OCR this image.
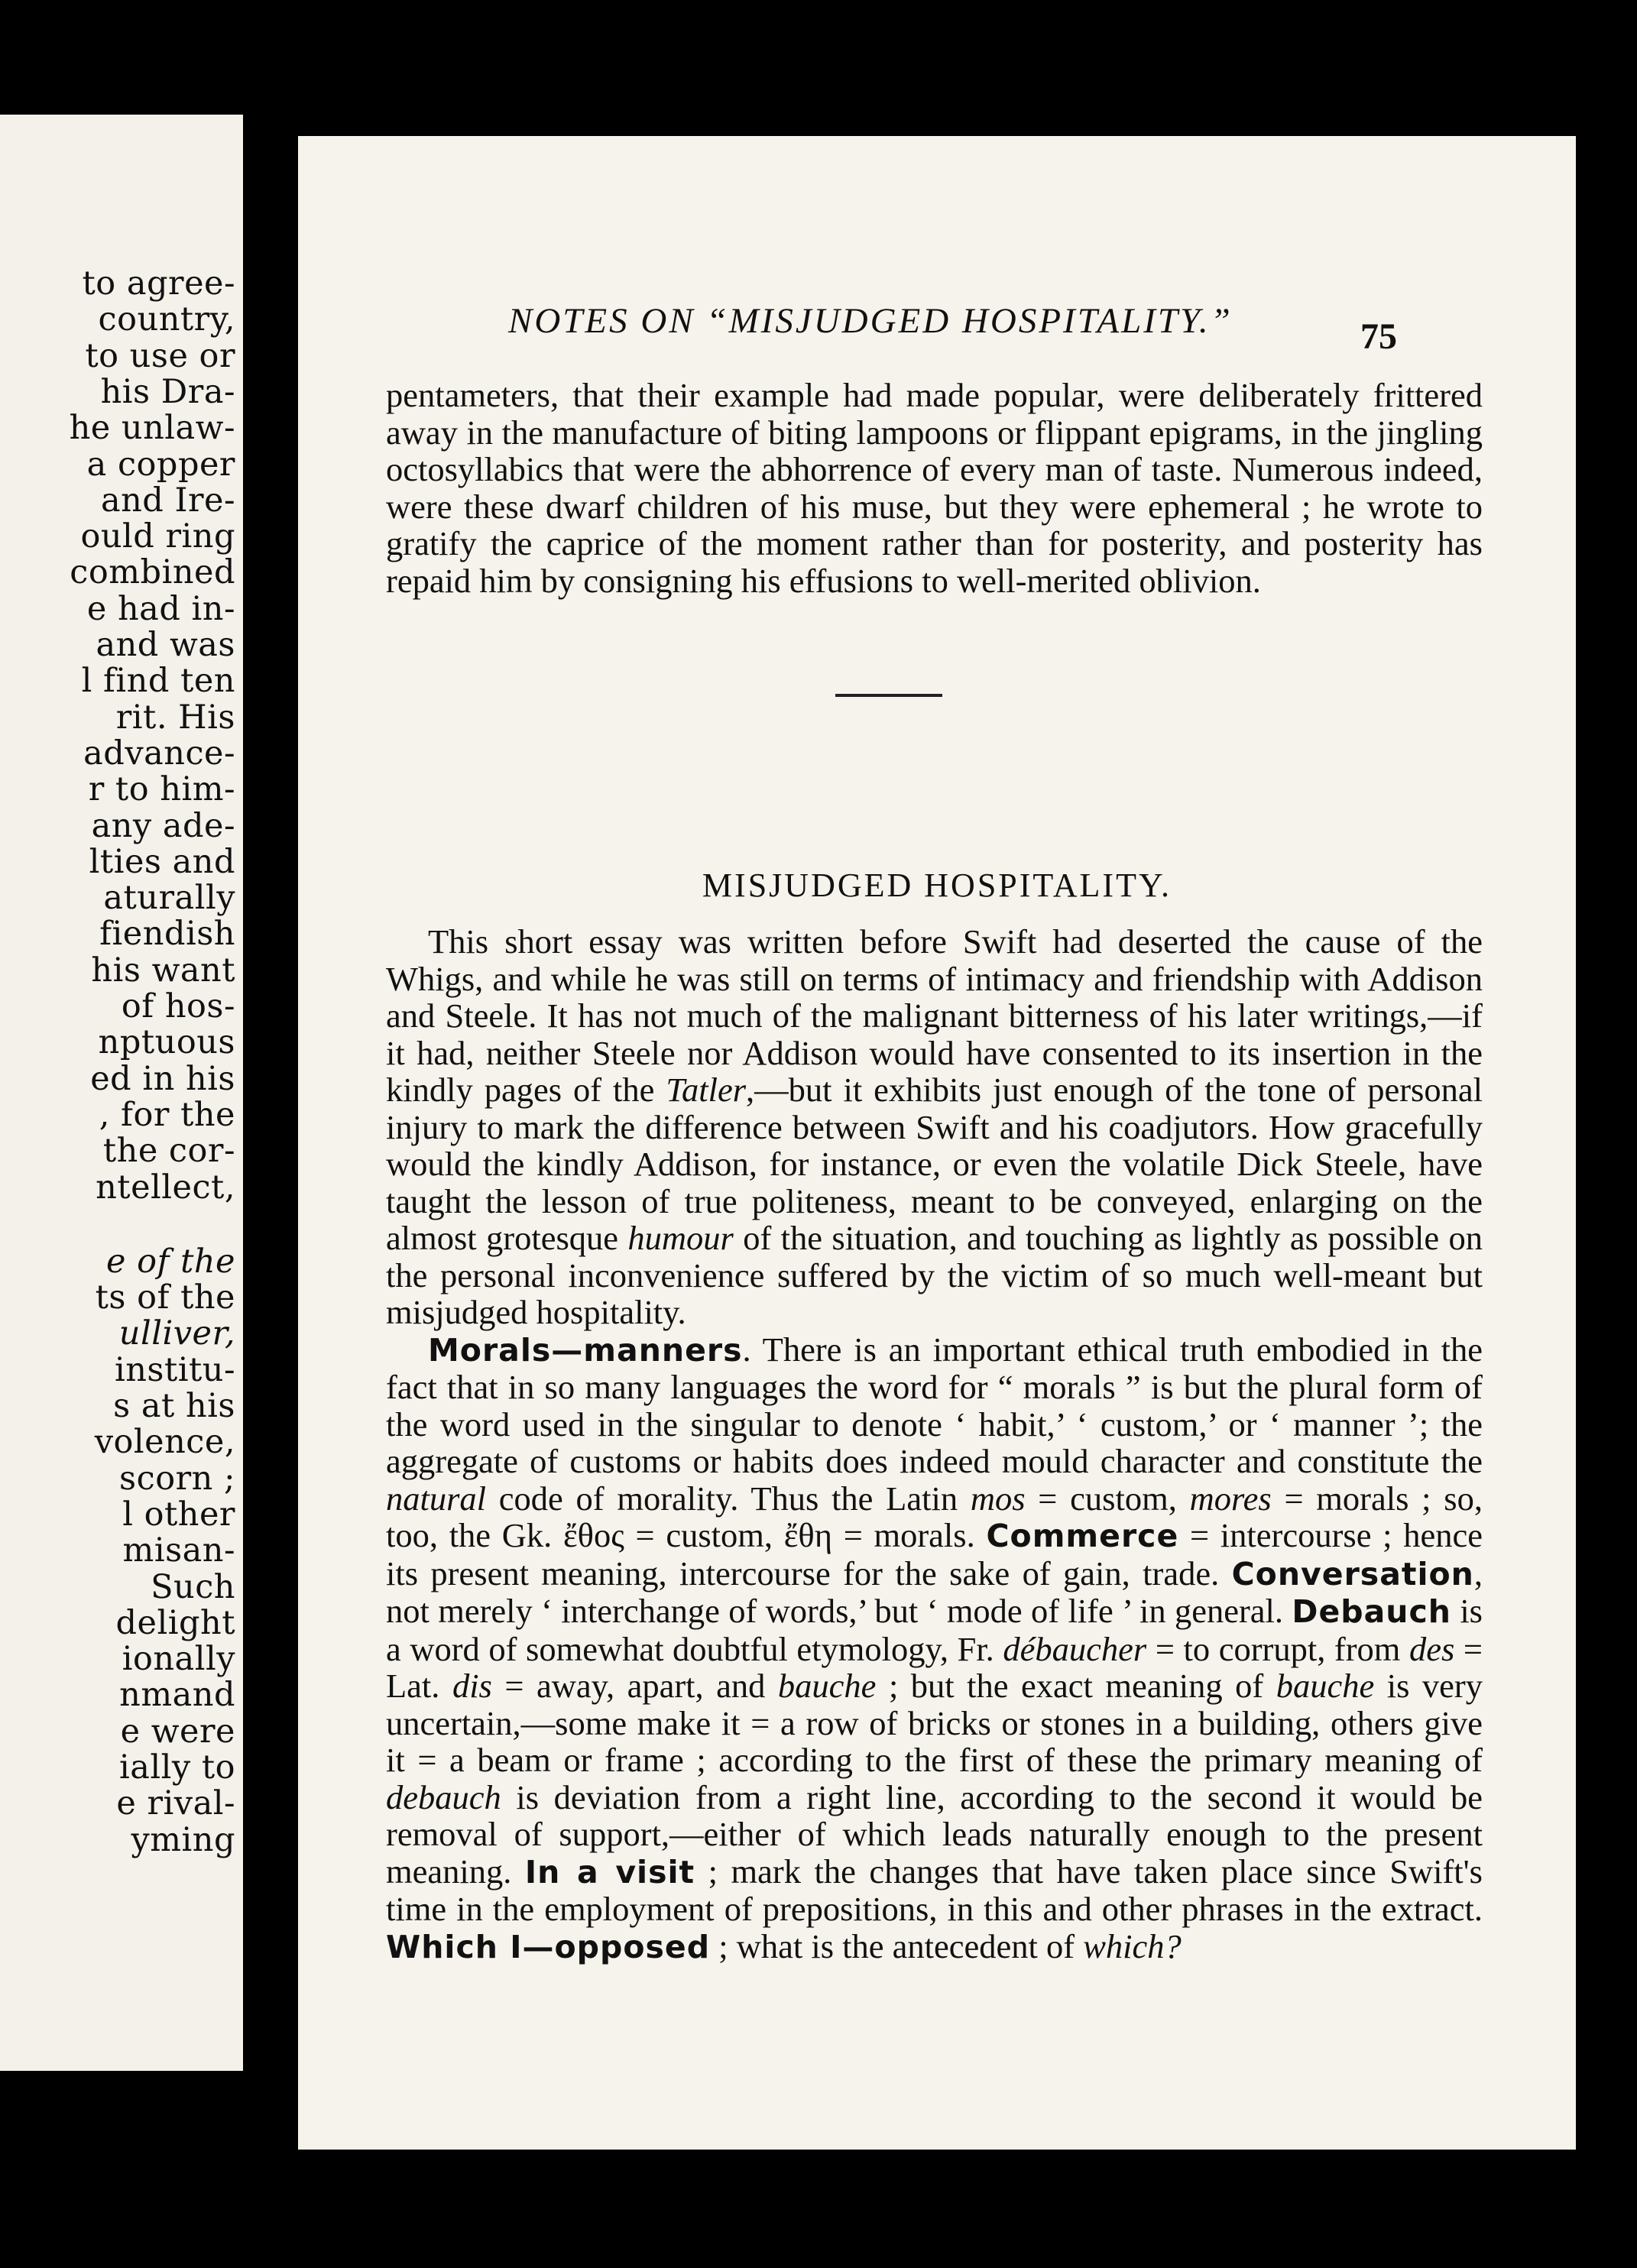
to agree-
country,
to use or
his Dra-
he unlaw-
a copper
and Ire-
ould ring
combined
e had in-
and was
l find ten
rit. His
advance-
r to him-
any ade-
lties and
aturally
fiendish
his want
of hos-
nptuous
ed in his
, for the
the cor-
ntellect,
e of the
ts of the
ulliver,
institu-
s at his
volence,
scorn ;
l other
misan-
Such
delight
ionally
nmand
e were
ially to
e rival-
yming
NOTES ON “MISJUDGED HOSPITALITY.”	75

pentameters, that their example had made popular, were deliberately frittered away in the manufacture of biting lampoons or flippant epigrams, in the jingling octosyllabics that were the abhorrence of every man of taste. Numerous indeed, were these dwarf children of his muse, but they were ephemeral ; he wrote to gratify the caprice of the moment rather than for posterity, and posterity has repaid him by consigning his effusions to well-merited oblivion.

MISJUDGED HOSPITALITY.

This short essay was written before Swift had deserted the cause of the Whigs, and while he was still on terms of intimacy and friendship with Addison and Steele. It has not much of the malignant bitterness of his later writings,—if it had, neither Steele nor Addison would have consented to its insertion in the kindly pages of the Tatler,—but it exhibits just enough of the tone of personal injury to mark the difference between Swift and his coadjutors. How gracefully would the kindly Addison, for instance, or even the volatile Dick Steele, have taught the lesson of true politeness, meant to be conveyed, enlarging on the almost grotesque humour of the situation, and touching as lightly as possible on the personal inconvenience suffered by the victim of so much well-meant but misjudged hospitality.

Morals—manners. There is an important ethical truth embodied in the fact that in so many languages the word for “ morals ” is but the plural form of the word used in the singular to denote ‘ habit,’ ‘ custom,’ or ‘ manner ’; the aggregate of customs or habits does indeed mould character and constitute the natural code of morality. Thus the Latin mos = custom, mores = morals ; so, too, the Gk. ἔθος = custom, ἔθη = morals. Commerce = intercourse ; hence its present meaning, intercourse for the sake of gain, trade. Conversation, not merely ‘ interchange of words,’ but ‘ mode of life ’ in general. Debauch is a word of somewhat doubtful etymology, Fr. débaucher = to corrupt, from des = Lat. dis = away, apart, and bauche ; but the exact meaning of bauche is very uncertain,—some make it = a row of bricks or stones in a building, others give it = a beam or frame ; according to the first of these the primary meaning of debauch is deviation from a right line, according to the second it would be removal of support,—either of which leads naturally enough to the present meaning. In a visit ; mark the changes that have taken place since Swift's time in the employment of prepositions, in this and other phrases in the extract. Which I—opposed ; what is the antecedent of which?
